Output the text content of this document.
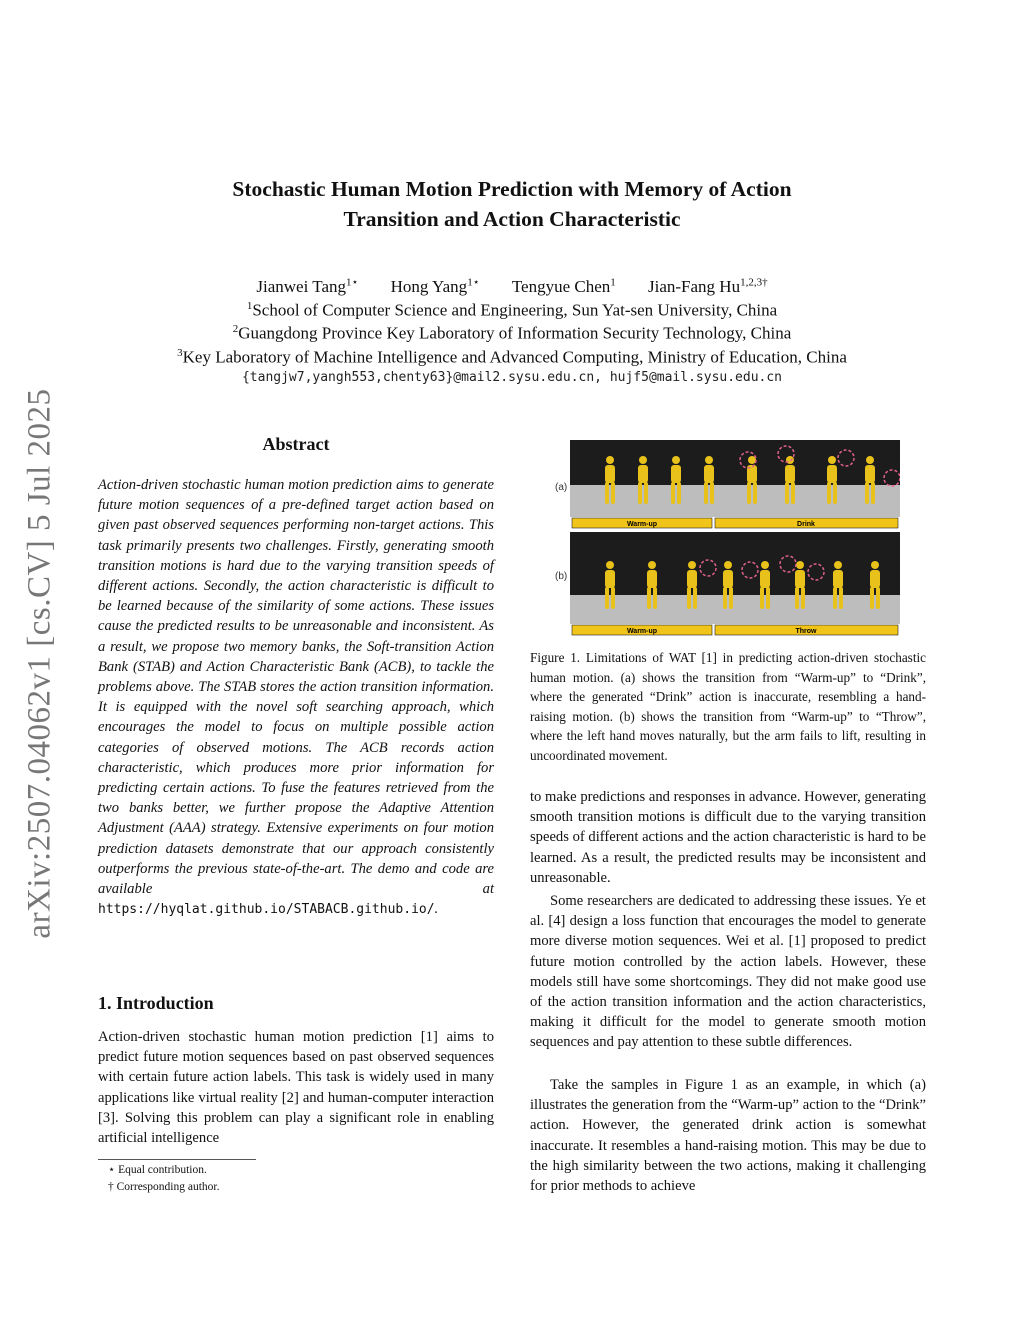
Stochastic Human Motion Prediction with Memory of Action
Transition and Action Characteristic
Jianwei Tang$^{1⋆}$ Hong Yang$^{1⋆}$ Tengyue Chen$^1$ Jian-Fang $Hu^{1,2,3\dagger}$
$^1$School of Computer Science and Engineering, Sun Yat-sen University, China
$^2$Guangdong Province Key Laboratory of Information Security Technology, China
$^3$Key Laboratory of Machine Intelligence and Advanced Computing, Ministry of Education, China
{tangjw7,yangh553,chenty63}@mail2.sysu.edu.cn, hujf5@mail.sysu.edu.cn
arXiv:2507.04062v1 [cs.CV] 5 Jul 2025	Abstract

Action-driven stochastic human motion prediction aims to generate future motion sequences of a pre-defined target action based on given past observed sequences performing non-target actions. This task primarily presents two challenges. Firstly, generating smooth transition motions is hard due to the varying transition speeds of different actions. Secondly, the action characteristic is difficult to be learned because of the similarity of some actions. These issues cause the predicted results to be unreasonable and inconsistent. As a result, we propose two memory banks, the Soft-transition Action Bank (STAB) and Action Characteristic Bank (ACB), to tackle the problems above. The STAB stores the action transition information. It is equipped with the novel soft searching approach, which encourages the model to focus on multiple possible action categories of observed motions. The ACB records action characteristic, which produces more prior information for predicting certain actions. To fuse the features retrieved from the two banks better, we further propose the Adaptive Attention Adjustment (AAA) strategy. Extensive experiments on four motion prediction datasets demonstrate that our approach consistently outperforms the previous state-of-the-art. The demo and code are available at https://hyqlat.github.io/STABACB.github.io/.

1. Introduction

Action-driven stochastic human motion prediction [1] aims to predict future motion sequences based on past observed sequences with certain future action labels. This task is widely used in many applications like virtual reality [2] and human-computer interaction [3]. Solving this problem can play a significant role in enabling artificial intelligence

⋆ Equal contribution.
† Corresponding author.
(a)
(b)
Warm-up	Drink
Warm-up	Throw

Figure 1. Limitations of WAT [1] in predicting action-driven stochastic human motion. (a) shows the transition from “Warm-up” to “Drink”, where the generated “Drink” action is inaccurate, resembling a hand-raising motion. (b) shows the transition from “Warm-up” to “Throw”, where the left hand moves naturally, but the arm fails to lift, resulting in uncoordinated movement.

to make predictions and responses in advance. However, generating smooth transition motions is difficult due to the varying transition speeds of different actions and the action characteristic is hard to be learned. As a result, the predicted results may be inconsistent and unreasonable.

Some researchers are dedicated to addressing these issues. Ye et al. [4] design a loss function that encourages the model to generate more diverse motion sequences. Wei et al. [1] proposed to predict future motion controlled by the action labels. However, these models still have some shortcomings. They did not make good use of the action transition information and the action characteristics, making it difficult for the model to generate smooth motion sequences and pay attention to these subtle differences.

Take the samples in Figure 1 as an example, in which (a) illustrates the generation from the “Warm-up” action to the “Drink” action. However, the generated drink action is somewhat inaccurate. It resembles a hand-raising motion. This may be due to the high similarity between the two actions, making it challenging for prior methods to achieve
